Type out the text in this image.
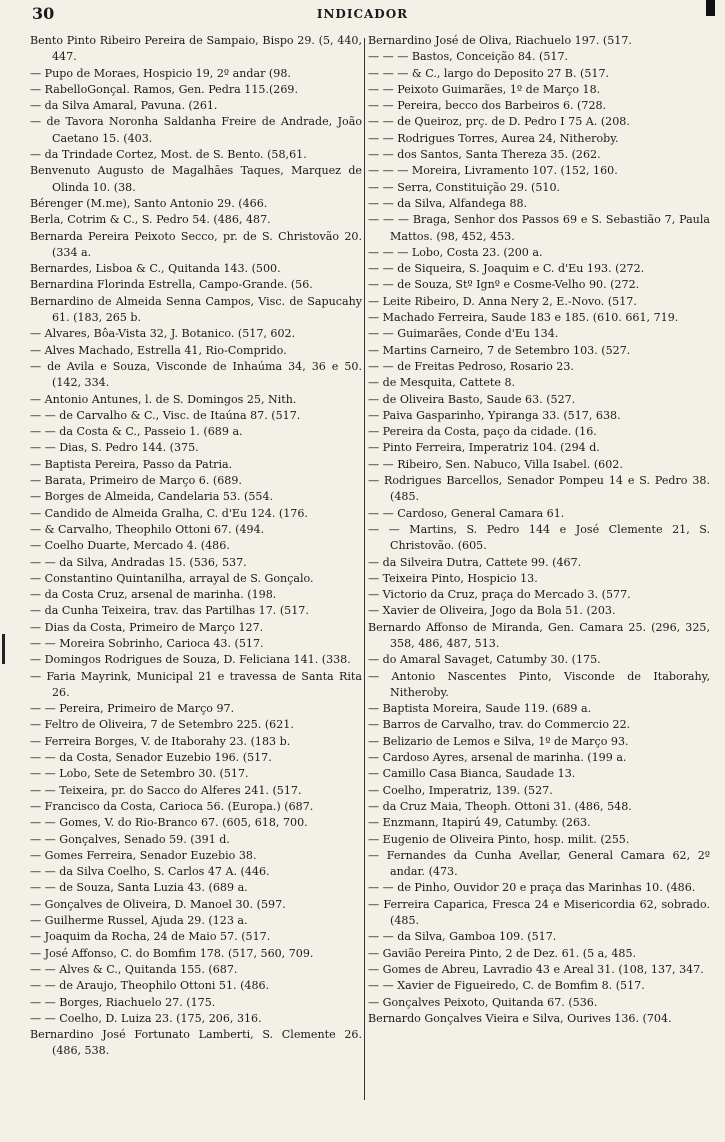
30	INDICADOR
Bento Pinto Ribeiro Pereira de Sampaio, Bispo 29. (5, 440, 447.
— Pupo de Moraes, Hospicio 19, 2º andar (98.
— RabelloGonçal. Ramos, Gen. Pedra 115.(269.
— da Silva Amaral, Pavuna. (261.
— de Tavora Noronha Saldanha Freire de Andrade, João Caetano 15. (403.
— da Trindade Cortez, Most. de S. Bento. (58,61.
Benvenuto Augusto de Magalhães Taques, Marquez de Olinda 10. (38.
Bérenger (M.me), Santo Antonio 29. (466.
Berla, Cotrim & C., S. Pedro 54. (486, 487.
Bernarda Pereira Peixoto Secco, pr. de S. Christovão 20. (334 a.
Bernardes, Lisboa & C., Quitanda 143. (500.
Bernardina Florinda Estrella, Campo-Grande. (56.
Bernardino de Almeida Senna Campos, Visc. de Sapucahy 61. (183, 265 b.
— Alvares, Bôa-Vista 32, J. Botanico. (517, 602.
— Alves Machado, Estrella 41, Rio-Comprido.
— de Avila e Souza, Visconde de Inhaúma 34, 36 e 50. (142, 334.
— Antonio Antunes, l. de S. Domingos 25, Nith.
— — de Carvalho & C., Visc. de Itaúna 87. (517.
— — da Costa & C., Passeio 1. (689 a.
— — Dias, S. Pedro 144. (375.
— Baptista Pereira, Passo da Patria.
— Barata, Primeiro de Março 6. (689.
— Borges de Almeida, Candelaria 53. (554.
— Candido de Almeida Gralha, C. d'Eu 124. (176.
— & Carvalho, Theophilo Ottoni 67. (494.
— Coelho Duarte, Mercado 4. (486.
— — da Silva, Andradas 15. (536, 537.
— Constantino Quintanilha, arrayal de S. Gonçalo.
— da Costa Cruz, arsenal de marinha. (198.
— da Cunha Teixeira, trav. das Partilhas 17. (517.
— Dias da Costa, Primeiro de Março 127.
— — Moreira Sobrinho, Carioca 43. (517.
— Domingos Rodrigues de Souza, D. Feliciana 141. (338.
— Faria Mayrink, Municipal 21 e travessa de Santa Rita 26.
— — Pereira, Primeiro de Março 97.
— Feltro de Oliveira, 7 de Setembro 225. (621.
— Ferreira Borges, V. de Itaborahy 23. (183 b.
— — da Costa, Senador Euzebio 196. (517.
— — Lobo, Sete de Setembro 30. (517.
— — Teixeira, pr. do Sacco do Alferes 241. (517.
— Francisco da Costa, Carioca 56. (Europa.) (687.
— — Gomes, V. do Rio-Branco 67. (605, 618, 700.
— — Gonçalves, Senado 59. (391 d.
— Gomes Ferreira, Senador Euzebio 38.
— — da Silva Coelho, S. Carlos 47 A. (446.
— — de Souza, Santa Luzia 43. (689 a.
— Gonçalves de Oliveira, D. Manoel 30. (597.
— Guilherme Russel, Ajuda 29. (123 a.
— Joaquim da Rocha, 24 de Maio 57. (517.
— José Affonso, C. do Bomfim 178. (517, 560, 709.
— — Alves & C., Quitanda 155. (687.
— — de Araujo, Theophilo Ottoni 51. (486.
— — Borges, Riachuelo 27. (175.
— — Coelho, D. Luiza 23. (175, 206, 316.
Bernardino José Fortunato Lamberti, S. Clemente 26. (486, 538.
Bernardino José de Oliva, Riachuelo 197. (517.
— — — Bastos, Conceição 84. (517.
— — — & C., largo do Deposito 27 B. (517.
— — Peixoto Guimarães, 1º de Março 18.
— — Pereira, becco dos Barbeiros 6. (728.
— — de Queiroz, prç. de D. Pedro I 75 A. (208.
— — Rodrigues Torres, Aurea 24, Nitheroby.
— — dos Santos, Santa Thereza 35. (262.
— — — Moreira, Livramento 107. (152, 160.
— — Serra, Constituição 29. (510.
— — da Silva, Alfandega 88.
— — — Braga, Senhor dos Passos 69 e S. Sebastião 7, Paula Mattos. (98, 452, 453.
— — — Lobo, Costa 23. (200 a.
— — de Siqueira, S. Joaquim e C. d'Eu 193. (272.
— — de Souza, Stº Ignº e Cosme-Velho 90. (272.
— Leite Ribeiro, D. Anna Nery 2, E.-Novo. (517.
— Machado Ferreira, Saude 183 e 185. (610. 661, 719.
— — Guimarães, Conde d'Eu 134.
— Martins Carneiro, 7 de Setembro 103. (527.
— — de Freitas Pedroso, Rosario 23.
— de Mesquita, Cattete 8.
— de Oliveira Basto, Saude 63. (527.
— Paiva Gasparinho, Ypiranga 33. (517, 638.
— Pereira da Costa, paço da cidade. (16.
— Pinto Ferreira, Imperatriz 104. (294 d.
— — Ribeiro, Sen. Nabuco, Villa Isabel. (602.
— Rodrigues Barcellos, Senador Pompeu 14 e S. Pedro 38. (485.
— — Cardoso, General Camara 61.
— — Martins, S. Pedro 144 e José Clemente 21, S. Christovão. (605.
— da Silveira Dutra, Cattete 99. (467.
— Teixeira Pinto, Hospicio 13.
— Victorio da Cruz, praça do Mercado 3. (577.
— Xavier de Oliveira, Jogo da Bola 51. (203.
Bernardo Affonso de Miranda, Gen. Camara 25. (296, 325, 358, 486, 487, 513.
— do Amaral Savaget, Catumby 30. (175.
— Antonio Nascentes Pinto, Visconde de Itaborahy, Nitheroby.
— Baptista Moreira, Saude 119. (689 a.
— Barros de Carvalho, trav. do Commercio 22.
— Belizario de Lemos e Silva, 1º de Março 93.
— Cardoso Ayres, arsenal de marinha. (199 a.
— Camillo Casa Bianca, Saudade 13.
— Coelho, Imperatriz, 139. (527.
— da Cruz Maia, Theoph. Ottoni 31. (486, 548.
— Enzmann, Itapirú 49, Catumby. (263.
— Eugenio de Oliveira Pinto, hosp. milit. (255.
— Fernandes da Cunha Avellar, General Camara 62, 2º andar. (473.
— — de Pinho, Ouvidor 20 e praça das Marinhas 10. (486.
— Ferreira Caparica, Fresca 24 e Misericordia 62, sobrado. (485.
— — da Silva, Gamboa 109. (517.
— Gavião Pereira Pinto, 2 de Dez. 61. (5 a, 485.
— Gomes de Abreu, Lavradio 43 e Areal 31. (108, 137, 347.
— — Xavier de Figueiredo, C. de Bomfim 8. (517.
— Gonçalves Peixoto, Quitanda 67. (536.
Bernardo Gonçalves Vieira e Silva, Ourives 136. (704.
